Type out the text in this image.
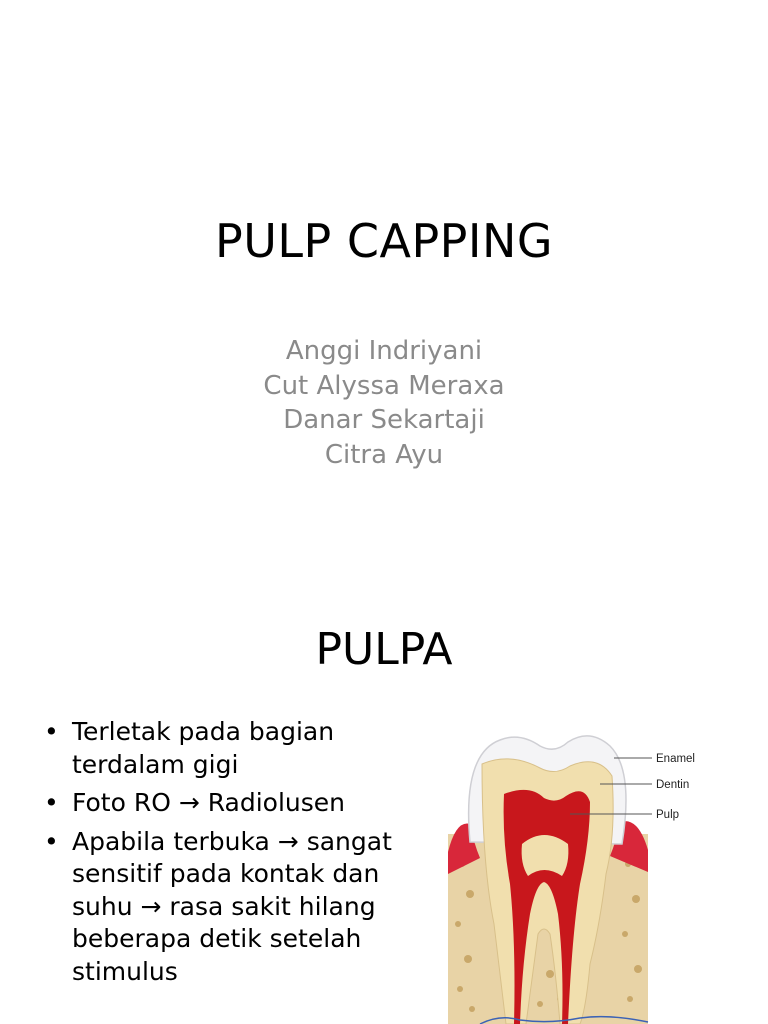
PULP CAPPING
Anggi Indriyani
Cut Alyssa Meraxa
Danar Sekartaji
Citra Ayu
PULPA
• Terletak pada bagian terdalam gigi
• Foto RO → Radiolusen
• Apabila terbuka → sangat sensitif pada kontak dan suhu → rasa sakit hilang beberapa detik setelah stimulus
Enamel
Dentin
Pulp
